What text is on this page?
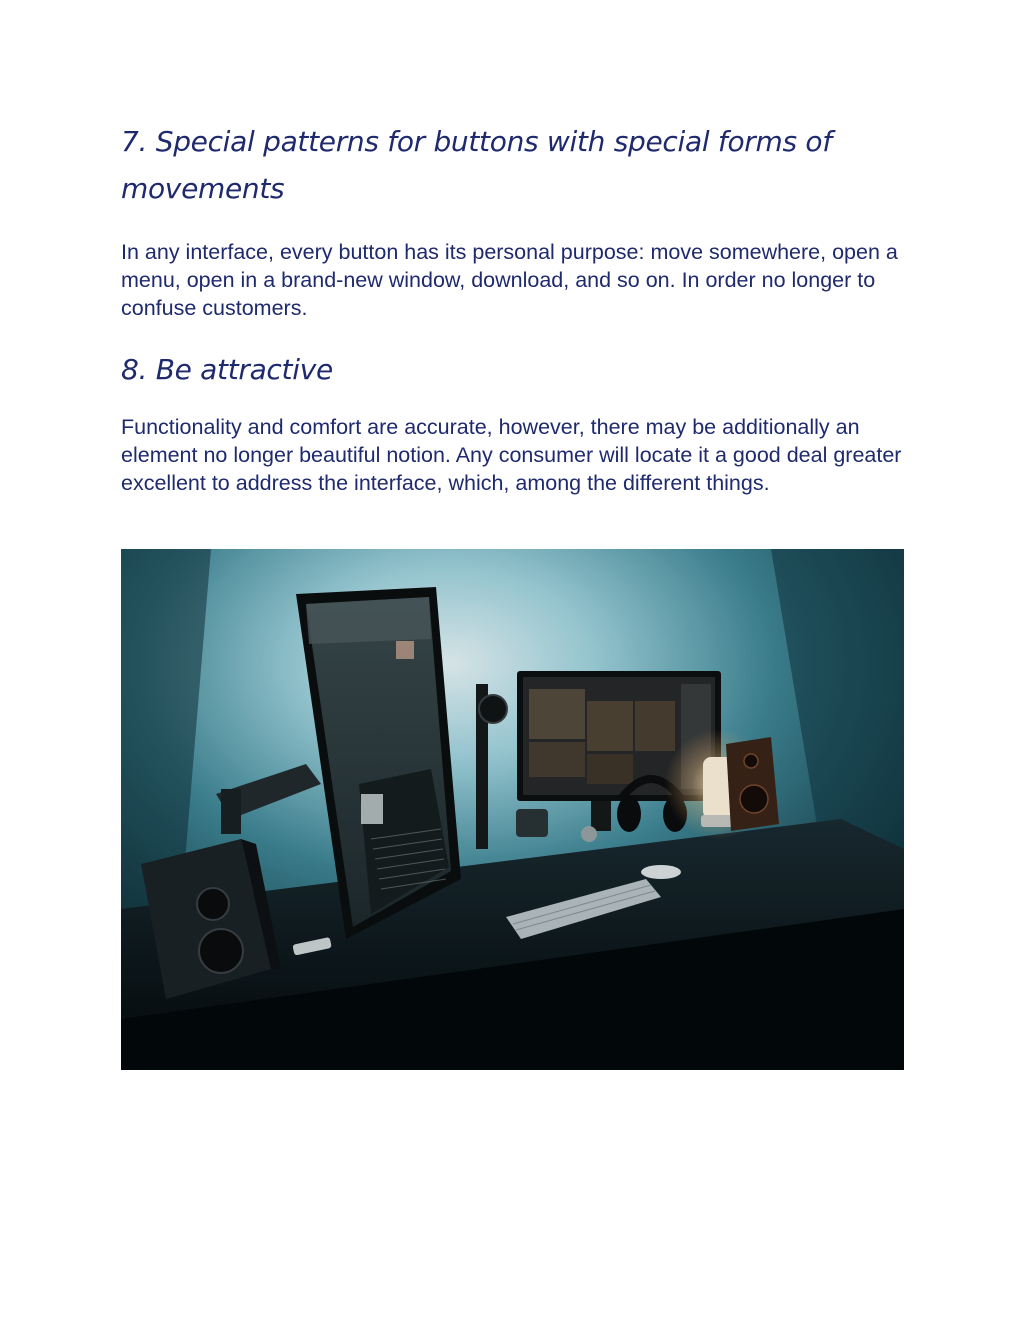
7. Special patterns for buttons with special forms of movements

In any interface, every button has its personal purpose: move somewhere, open a menu, open in a brand-new window, download, and so on. In order no longer to confuse customers.

8. Be attractive

Functionality and comfort are accurate, however, there may be additionally an element no longer beautiful notion. Any consumer will locate it a good deal greater excellent to address the interface, which, among the different things.
